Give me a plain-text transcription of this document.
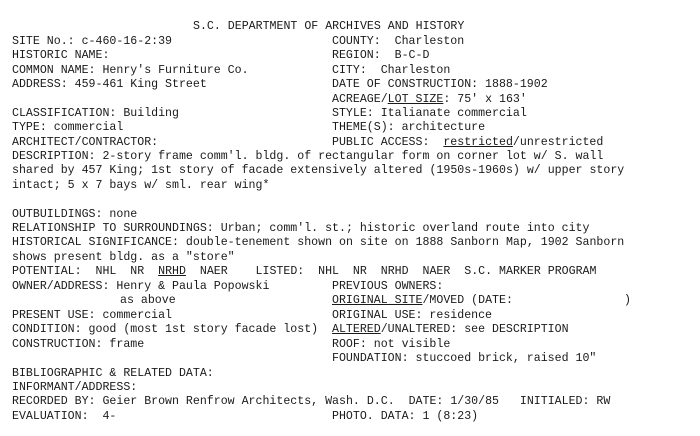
S.C. DEPARTMENT OF ARCHIVES AND HISTORY
SITE No.: c-460-16-2:39	COUNTY:  Charleston
HISTORIC NAME:	REGION:  B-C-D
COMMON NAME: Henry's Furniture Co.	CITY:  Charleston
ADDRESS: 459-461 King Street	DATE OF CONSTRUCTION: 1888-1902
ACREAGE/LOT SIZE: 75' x 163'
CLASSIFICATION: Building	STYLE: Italianate commercial
TYPE: commercial	THEME(S): architecture
ARCHITECT/CONTRACTOR:	PUBLIC ACCESS:  restricted/unrestricted
DESCRIPTION: 2-story frame comm'l. bldg. of rectangular form on corner lot w/ S. wall
shared by 457 King; 1st story of facade extensively altered (1950s-1960s) w/ upper story
intact; 5 x 7 bays w/ sml. rear wing*
OUTBUILDINGS: none
RELATIONSHIP TO SURROUNDINGS: Urban; comm'l. st.; historic overland route into city
HISTORICAL SIGNIFICANCE: double-tenement shown on site on 1888 Sanborn Map, 1902 Sanborn
shows present bldg. as a "store"
POTENTIAL:  NHL  NR  NRHD  NAER    LISTED:  NHL  NR  NRHD  NAER  S.C. MARKER PROGRAM
OWNER/ADDRESS: Henry & Paula Popowski	PREVIOUS OWNERS:
as above	ORIGINAL SITE/MOVED (DATE:	)
PRESENT USE: commercial	ORIGINAL USE: residence
CONDITION: good (most 1st story facade lost) ALTERED/UNALTERED: see DESCRIPTION
CONSTRUCTION: frame	ROOF: not visible
FOUNDATION: stuccoed brick, raised 10"
BIBLIOGRAPHIC & RELATED DATA:
INFORMANT/ADDRESS:
RECORDED BY: Geier Brown Renfrow Architects, Wash. D.C.  DATE: 1/30/85   INITIALED: RW
EVALUATION:  4-	PHOTO. DATA: 1 (8:23)
